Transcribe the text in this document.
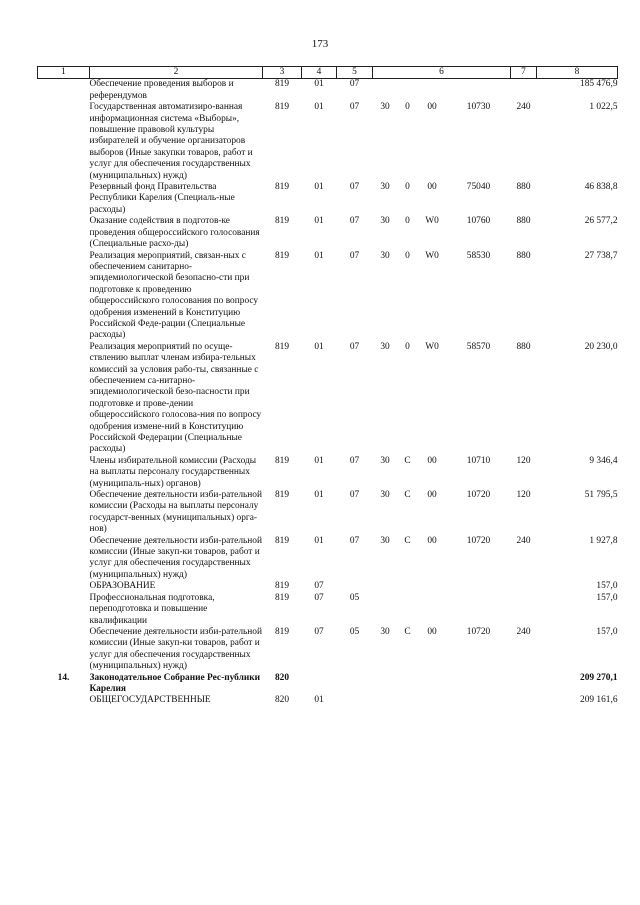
173
1	2	3	4	5	6				7	8
	Обеспечение проведения выборов и референдумов	819	01	07						185 476,9
	Государственная автоматизиро-ванная информационная система «Выборы», повышение правовой культуры избирателей и обучение организаторов выборов (Иные закупки товаров, работ и услуг для обеспечения государственных (муниципальных) нужд)	819	01	07	30	0	00	10730	240	1 022,5
	Резервный фонд Правительства Республики Карелия (Специаль-ные расходы)	819	01	07	30	0	00	75040	880	46 838,8
	Оказание содействия в подготов-ке проведения общероссийского голосования (Специальные расхо-ды)	819	01	07	30	0	W0	10760	880	26 577,2
	Реализация мероприятий, связан-ных с обеспечением санитарно-эпидемиологической безопасно-сти при подготовке к проведению общероссийского голосования по вопросу одобрения изменений в Конституцию Российской Феде-рации (Специальные расходы)	819	01	07	30	0	W0	58530	880	27 738,7
	Реализация мероприятий по осуще-ствлению выплат членам избира-тельных комиссий за условия рабо-ты, связанные с обеспечением са-нитарно-эпидемиологической безо-пасности при подготовке и прове-дении общероссийского голосова-ния по вопросу одобрения измене-ний в Конституцию Российской Федерации (Специальные расходы)	819	01	07	30	0	W0	58570	880	20 230,0
	Члены избирательной комиссии (Расходы на выплаты персоналу государственных (муниципаль-ных) органов)	819	01	07	30	С	00	10710	120	9 346,4
	Обеспечение деятельности изби-рательной комиссии (Расходы на выплаты персоналу государст-венных (муниципальных) орга-нов)	819	01	07	30	С	00	10720	120	51 795,5
	Обеспечение деятельности изби-рательной комиссии (Иные закуп-ки товаров, работ и услуг для обеспечения государственных (муниципальных) нужд)	819	01	07	30	С	00	10720	240	1 927,8
	ОБРАЗОВАНИЕ	819	07							157,0
	Профессиональная подготовка, переподготовка и повышение квалификации	819	07	05						157,0
	Обеспечение деятельности изби-рательной комиссии (Иные закуп-ки товаров, работ и услуг для обеспечения государственных (муниципальных) нужд)	819	07	05	30	С	00	10720	240	157,0
14.	Законодательное Собрание Рес-публики Карелия	820								209 270,1
	ОБЩЕГОСУДАРСТВЕННЫЕ	820	01							209 161,6
